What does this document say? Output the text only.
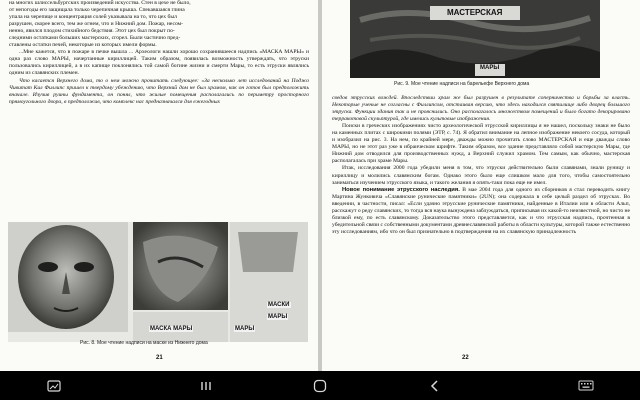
на многих шлиссельбургских произведений искусства. Стен в цехе не было,

от непогоды его защищала только черепичная крыша. Спекавшаяся глина

упала на черепице и концентрация солей указывала на то, что цех был

разрушен, скорее всего, тем же огнем, что и Нижний дом. Пожар, несом-

ненно, явился плодом стихийного бедствия. Этот цех был покрыт по-

следними остатками больших мастерских, сгорел. Были частично пред-

ставлены остатки печей, некоторые из которых имели формы.

...Мне кажется, что в пожаре в печке вышла ... Археологи нашли хорошо сохранившееся надпись «МАСКА МАРЫ» и одна раз слово МАРЫ, начертанные кириллицей. Таким образом, появилась возможность утверждать, что этруски пользовались кириллицей, а в их капище поклонялись той самой богине жизни и смерти Мары, то есть этруски являлись одним из славянских племен.

Что касается Верхнего дома, то о нем можно прочитать следующее: «За несколько лет исследований на Поджо Чивитат Кил Филлипс пришел к твердому убеждению, что Верхний дом не был храмом, как он готов был предположить вначале. Изучив руины фундамента, он понял, что жилые помещения располагались по периметру просторного прямоугольного двора, в предположив, что комплекс нас предназначался для ежегодных

МАСКА МАРЫ
МАСКИ
МАРЫ
МАРЫ
Рис. 8. Мое чтение надписи на маске из Нижнего дома
21
МАСТЕРСКАЯ
МАРЫ
Рис. 9. Мое чтение надписи на барельефе Верхнего дома

сведов этрусских вождей. Впоследствии храм же был разрушен в результате соперничества и борьбы за власть. Некоторые ученые не согласны с Филлипсом, отстаивая версию, что здесь находился святилище либо дворец большого этруска. Функции здания так и не прояснились. Оно располагалось множеством помещений и было богато декорировано терракотовой скульптурой, где имелись культовые изображения.

Поиски в греческих изображениях чисто археологической этрусской кириллицы я не нашел, поскольку знаки не было на каменных плитах с широкими полями (ЭТР, с. 74). Я обратил внимание на лепное изображение некоего сосуда, который и изобразил на рис. 3. На нем, по крайней мере, дважды можно прочитать слово МАСТЕРСКАЯ и еще дважды слово МАРЫ, но не этот раз уже в ибраическом шрифте. Таким образом, все здание представляло собой мастерскую Мары, где Нижний дом отводился для производственных нужд, а Верхний служил храмом. Тем самым, как обычно, мастерская располагалась при храме Мары.

Итак, исследования 2000 года убедили меня в том, что этруски действительно были славянами, знали руницу и кириллицу и молились славянским богам. Однако этого было еще слишком мало для того, чтобы самостоятельно заниматься изучением этрусского языка, и такого желания я опять-таки пока еще не имел.

Новое понимание этрусского наследия. В мае 2004 года для одного из сборников я стал переводить книгу Мартина Жунковича «Славянские руническиe памятники» (2UN); она содержала в себе целый раздел об этрусках. Во введении, в частности, писал: «Если удачно этрусские рунические памятники, найденные в Италии или в области Альп, расскажут о реду славянских, то тогда вся наука вынуждена заблуждаться, приписывая их какой-то неизвестной, но чисто не близкой ему, по есть славянскому. Доказательство этого представляется, как и что этрусская надпись, прочтенная в убедительной связи с собственными документами древнеславянской работы в области культуры, которой также естественно эту исследованиям, ибо что он был признательно в подтверждения на их славянскую принадлежность

22
